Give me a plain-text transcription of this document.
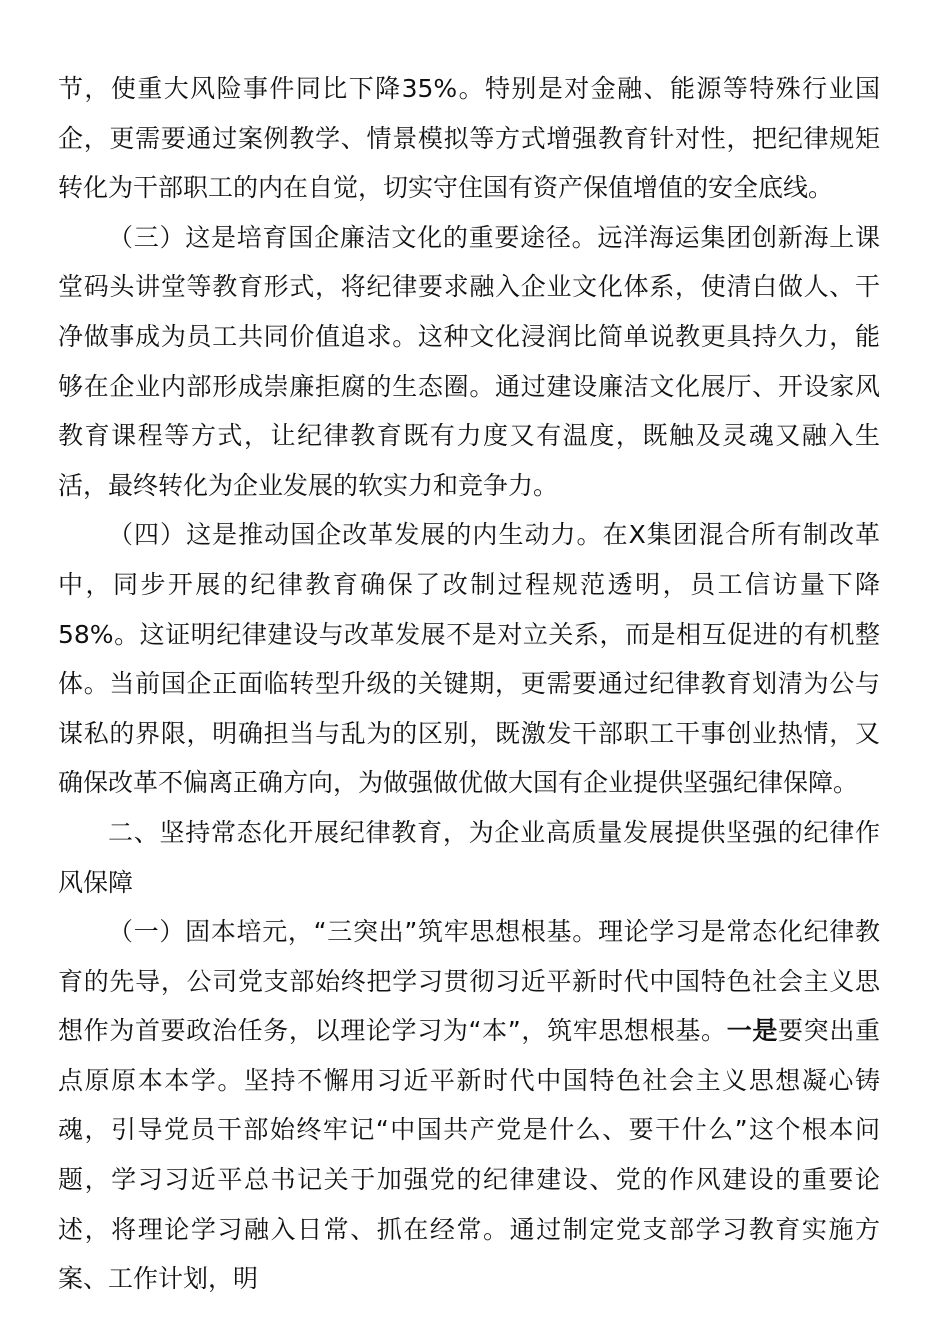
节，使重大风险事件同比下降35%。特别是对金融、能源等特殊行业国企，更需要通过案例教学、情景模拟等方式增强教育针对性，把纪律规矩转化为干部职工的内在自觉，切实守住国有资产保值增值的安全底线。

（三）这是培育国企廉洁文化的重要途径。远洋海运集团创新海上课堂码头讲堂等教育形式，将纪律要求融入企业文化体系，使清白做人、干净做事成为员工共同价值追求。这种文化浸润比简单说教更具持久力，能够在企业内部形成崇廉拒腐的生态圈。通过建设廉洁文化展厅、开设家风教育课程等方式，让纪律教育既有力度又有温度，既触及灵魂又融入生活，最终转化为企业发展的软实力和竞争力。

（四）这是推动国企改革发展的内生动力。在X集团混合所有制改革中，同步开展的纪律教育确保了改制过程规范透明，员工信访量下降58%。这证明纪律建设与改革发展不是对立关系，而是相互促进的有机整体。当前国企正面临转型升级的关键期，更需要通过纪律教育划清为公与谋私的界限，明确担当与乱为的区别，既激发干部职工干事创业热情，又确保改革不偏离正确方向，为做强做优做大国有企业提供坚强纪律保障。

二、坚持常态化开展纪律教育，为企业高质量发展提供坚强的纪律作风保障

（一）固本培元，“三突出”筑牢思想根基。理论学习是常态化纪律教育的先导，公司党支部始终把学习贯彻习近平新时代中国特色社会主义思想作为首要政治任务，以理论学习为“本”，筑牢思想根基。一是要突出重点原原本本学。坚持不懈用习近平新时代中国特色社会主义思想凝心铸魂，引导党员干部始终牢记“中国共产党是什么、要干什么”这个根本问题，学习习近平总书记关于加强党的纪律建设、党的作风建设的重要论述，将理论学习融入日常、抓在经常。通过制定党支部学习教育实施方案、工作计划，明
